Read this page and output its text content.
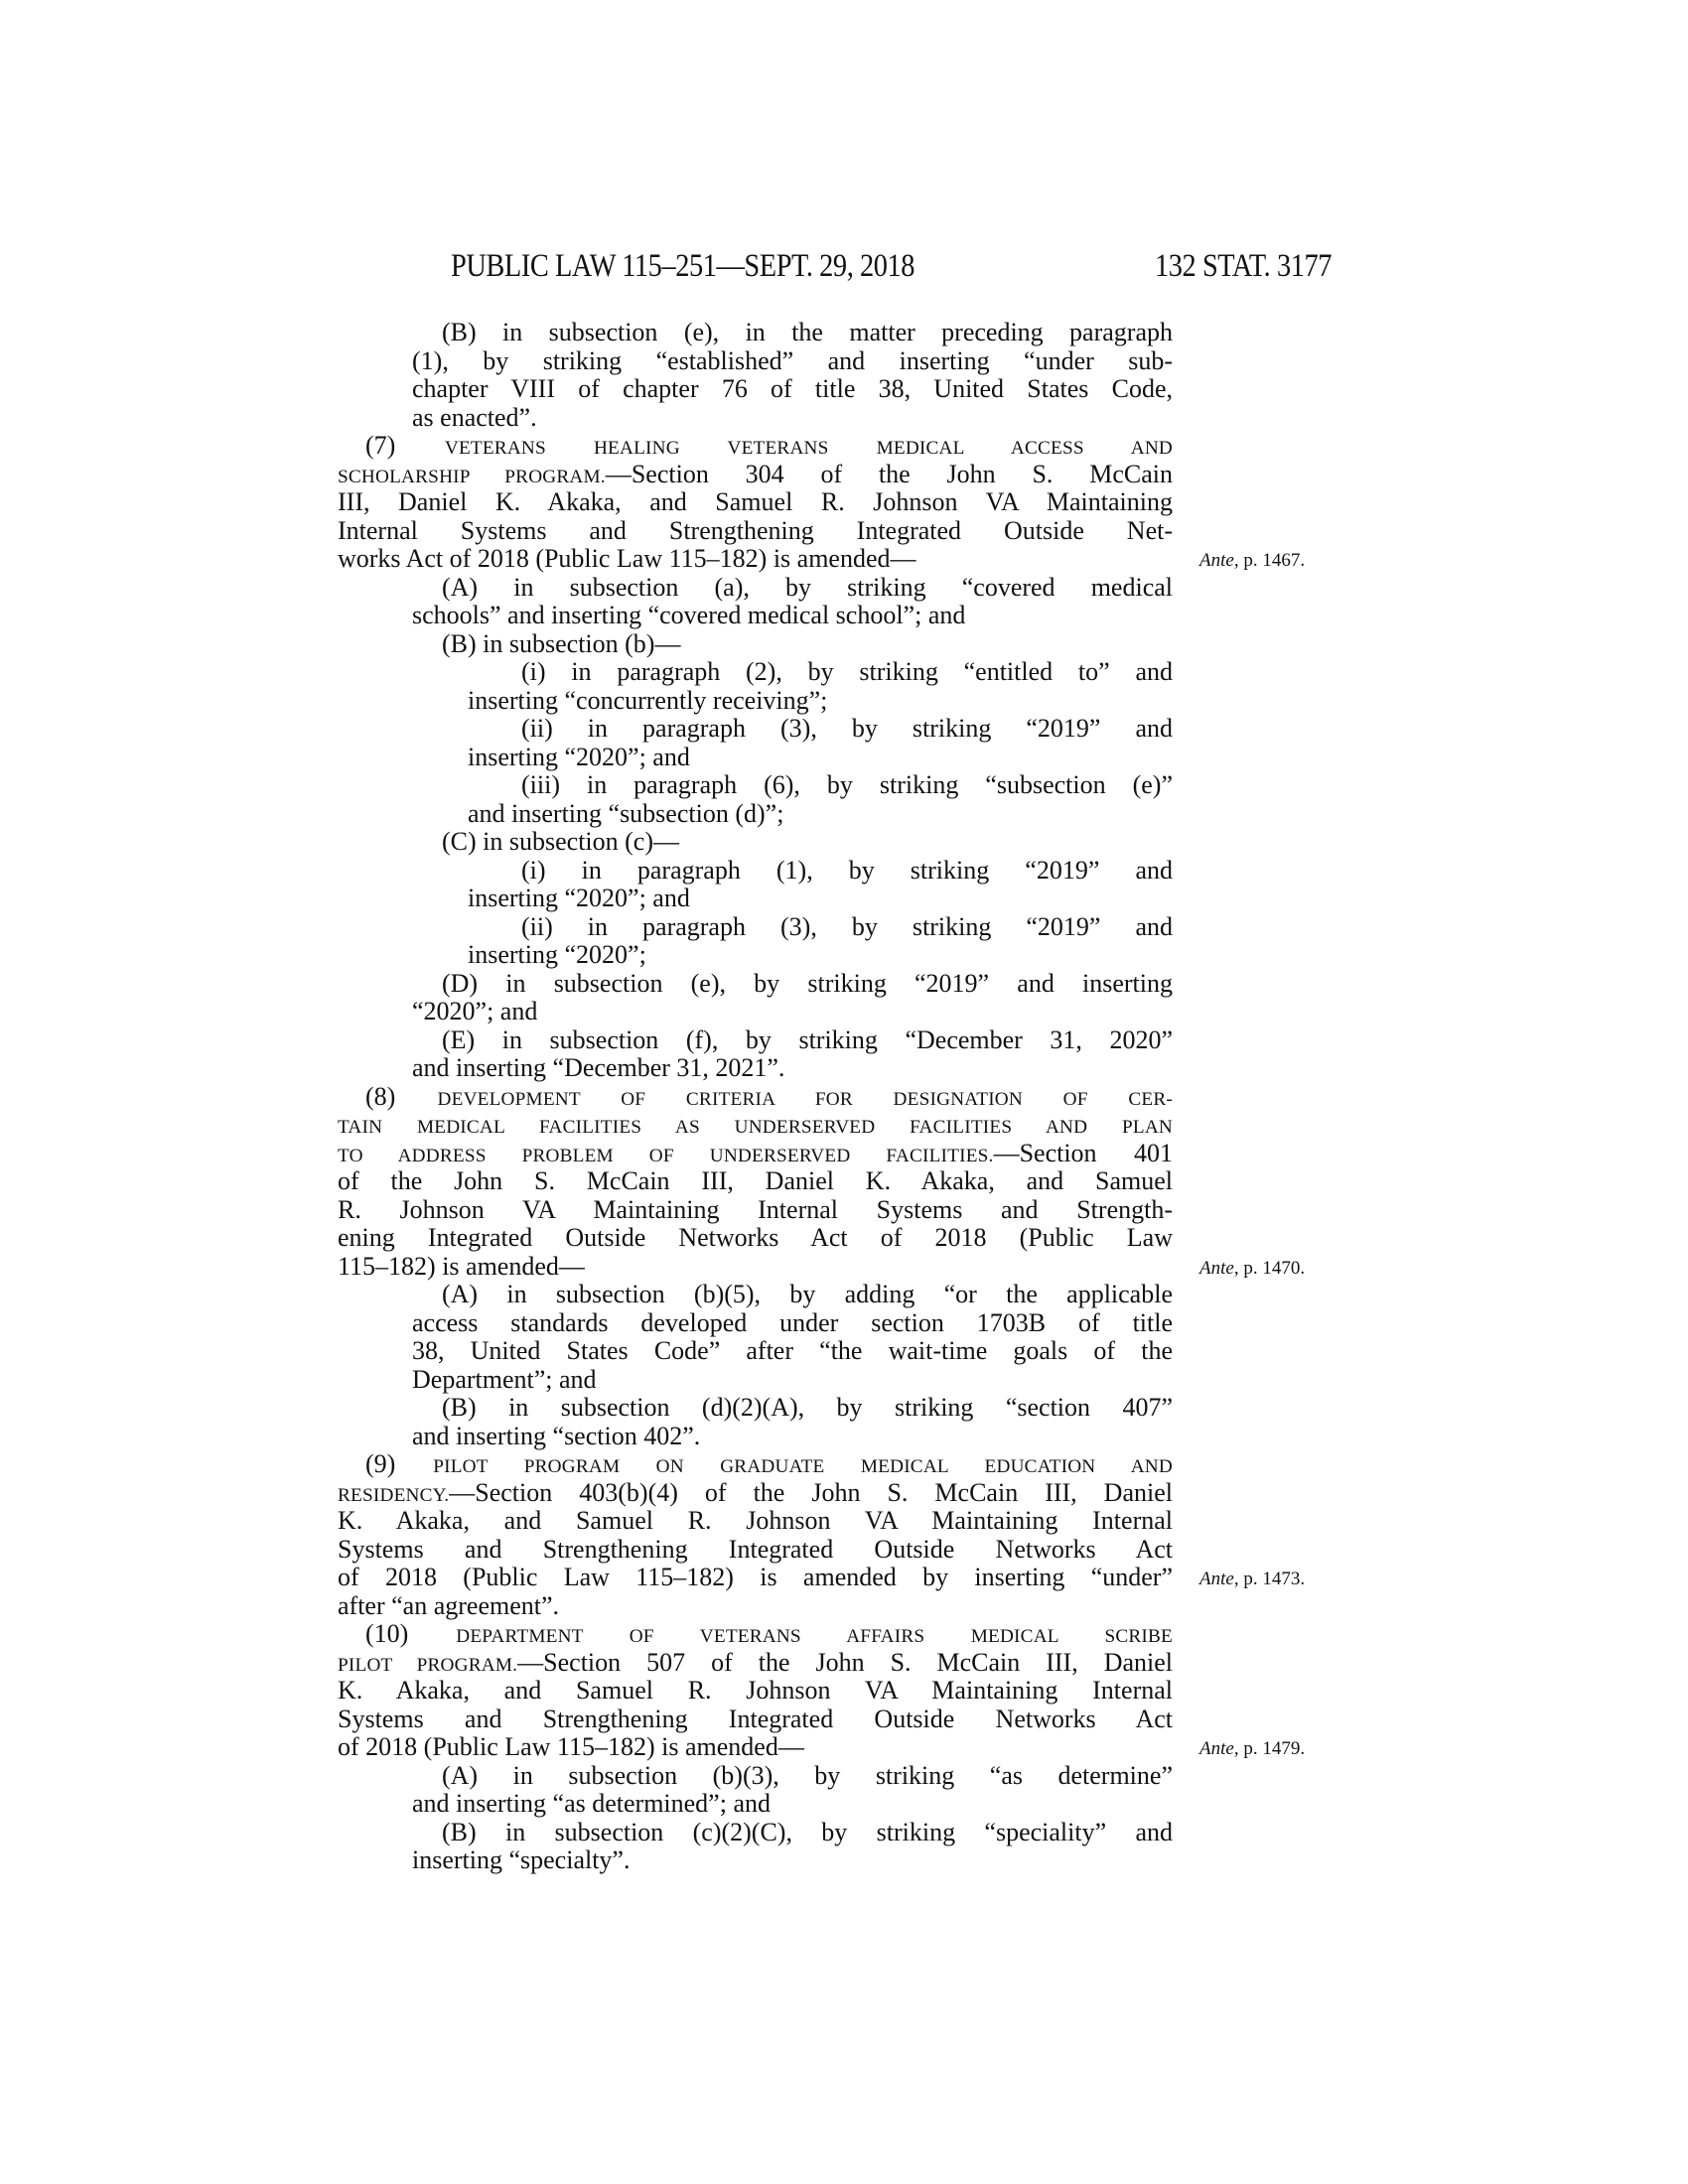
PUBLIC LAW 115–251—SEPT. 29, 2018	132 STAT. 3177
(B) in subsection (e), in the matter preceding paragraph
(1), by striking “established” and inserting “under sub-
chapter VIII of chapter 76 of title 38, United States Code,
as enacted”.
(7) VETERANS HEALING VETERANS MEDICAL ACCESS AND
SCHOLARSHIP PROGRAM.—Section 304 of the John S. McCain
III, Daniel K. Akaka, and Samuel R. Johnson VA Maintaining
Internal Systems and Strengthening Integrated Outside Net-
works Act of 2018 (Public Law 115–182) is amended—	Ante, p. 1467.
(A) in subsection (a), by striking “covered medical
schools” and inserting “covered medical school”; and
(B) in subsection (b)—
(i) in paragraph (2), by striking “entitled to” and
inserting “concurrently receiving”;
(ii) in paragraph (3), by striking “2019” and
inserting “2020”; and
(iii) in paragraph (6), by striking “subsection (e)”
and inserting “subsection (d)”;
(C) in subsection (c)—
(i) in paragraph (1), by striking “2019” and
inserting “2020”; and
(ii) in paragraph (3), by striking “2019” and
inserting “2020”;
(D) in subsection (e), by striking “2019” and inserting
“2020”; and
(E) in subsection (f), by striking “December 31, 2020”
and inserting “December 31, 2021”.
(8) DEVELOPMENT OF CRITERIA FOR DESIGNATION OF CER-
TAIN MEDICAL FACILITIES AS UNDERSERVED FACILITIES AND PLAN
TO ADDRESS PROBLEM OF UNDERSERVED FACILITIES.—Section 401
of the John S. McCain III, Daniel K. Akaka, and Samuel
R. Johnson VA Maintaining Internal Systems and Strength-
ening Integrated Outside Networks Act of 2018 (Public Law
115–182) is amended—	Ante, p. 1470.
(A) in subsection (b)(5), by adding “or the applicable
access standards developed under section 1703B of title
38, United States Code” after “the wait-time goals of the
Department”; and
(B) in subsection (d)(2)(A), by striking “section 407”
and inserting “section 402”.
(9) PILOT PROGRAM ON GRADUATE MEDICAL EDUCATION AND
RESIDENCY.—Section 403(b)(4) of the John S. McCain III, Daniel
K. Akaka, and Samuel R. Johnson VA Maintaining Internal
Systems and Strengthening Integrated Outside Networks Act
of 2018 (Public Law 115–182) is amended by inserting “under” Ante, p. 1473.
after “an agreement”.
(10) DEPARTMENT OF VETERANS AFFAIRS MEDICAL SCRIBE
PILOT PROGRAM.—Section 507 of the John S. McCain III, Daniel
K. Akaka, and Samuel R. Johnson VA Maintaining Internal
Systems and Strengthening Integrated Outside Networks Act
of 2018 (Public Law 115–182) is amended—	Ante, p. 1479.
(A) in subsection (b)(3), by striking “as determine”
and inserting “as determined”; and
(B) in subsection (c)(2)(C), by striking “speciality” and
inserting “specialty”.
